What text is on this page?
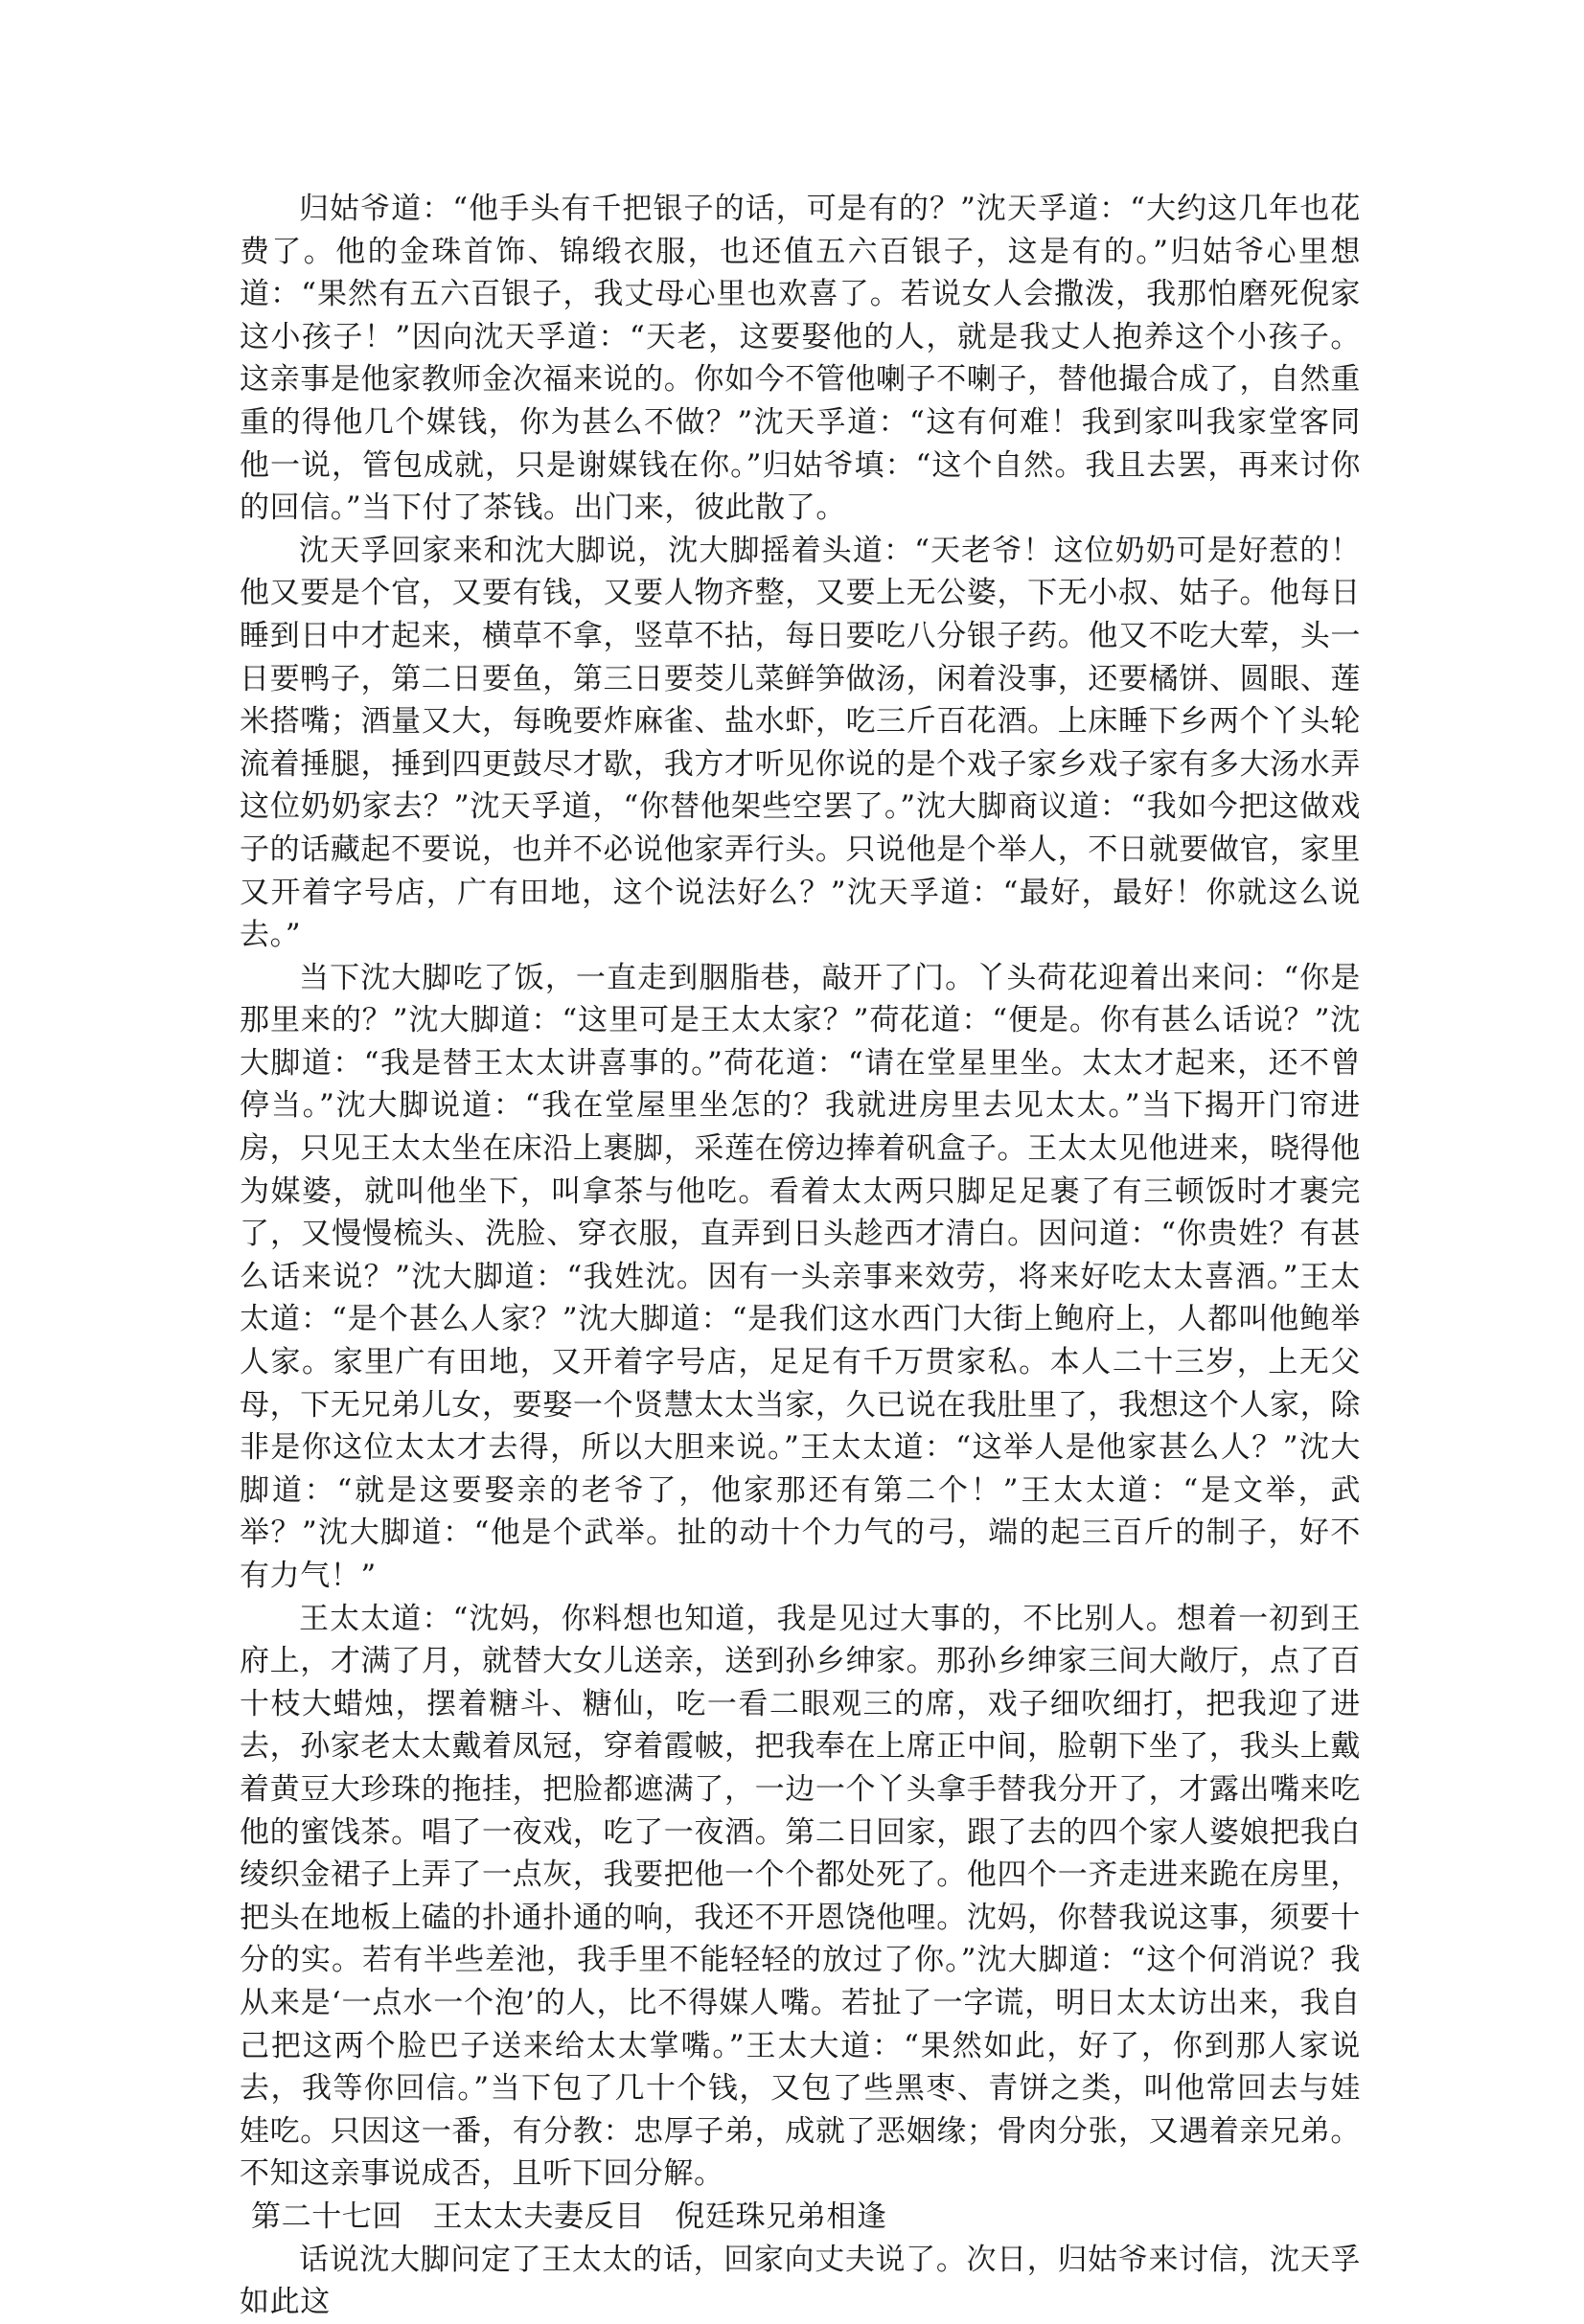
归姑爷道：“他手头有千把银子的话，可是有的？”沈天孚道：“大约这几年也花费了。他的金珠首饰、锦缎衣服，也还值五六百银子，这是有的。”归姑爷心里想道：“果然有五六百银子，我丈母心里也欢喜了。若说女人会撒泼，我那怕磨死倪家这小孩子！”因向沈天孚道：“天老，这要娶他的人，就是我丈人抱养这个小孩子。这亲事是他家教师金次福来说的。你如今不管他喇子不喇子，替他撮合成了，自然重重的得他几个媒钱，你为甚么不做？”沈天孚道：“这有何难！我到家叫我家堂客同他一说，管包成就，只是谢媒钱在你。”归姑爷填：“这个自然。我且去罢，再来讨你的回信。”当下付了茶钱。出门来，彼此散了。

沈天孚回家来和沈大脚说，沈大脚摇着头道：“天老爷！这位奶奶可是好惹的！他又要是个官，又要有钱，又要人物齐整，又要上无公婆，下无小叔、姑子。他每日睡到日中才起来，横草不拿，竖草不拈，每日要吃八分银子药。他又不吃大荤，头一日要鸭子，第二日要鱼，第三日要茭儿菜鲜笋做汤，闲着没事，还要橘饼、圆眼、莲米搭嘴；酒量又大，每晚要炸麻雀、盐水虾，吃三斤百花酒。上床睡下乡两个丫头轮流着捶腿，捶到四更鼓尽才歇，我方才听见你说的是个戏子家乡戏子家有多大汤水弄这位奶奶家去？”沈天孚道，“你替他架些空罢了。”沈大脚商议道：“我如今把这做戏子的话藏起不要说，也并不必说他家弄行头。只说他是个举人，不日就要做官，家里又开着字号店，广有田地，这个说法好么？”沈天孚道：“最好，最好！你就这么说去。”

当下沈大脚吃了饭，一直走到胭脂巷，敲开了门。丫头荷花迎着出来问：“你是那里来的？”沈大脚道：“这里可是王太太家？”荷花道：“便是。你有甚么话说？”沈大脚道：“我是替王太太讲喜事的。”荷花道：“请在堂星里坐。太太才起来，还不曾停当。”沈大脚说道：“我在堂屋里坐怎的？我就进房里去见太太。”当下揭开门帘进房，只见王太太坐在床沿上裹脚，采莲在傍边捧着矾盒子。王太太见他进来，晓得他为媒婆，就叫他坐下，叫拿茶与他吃。看着太太两只脚足足裹了有三顿饭时才裹完了，又慢慢梳头、洗脸、穿衣服，直弄到日头趁西才清白。因问道：“你贵姓？有甚么话来说？”沈大脚道：“我姓沈。因有一头亲事来效劳，将来好吃太太喜酒。”王太太道：“是个甚么人家？”沈大脚道：“是我们这水西门大街上鲍府上，人都叫他鲍举人家。家里广有田地，又开着字号店，足足有千万贯家私。本人二十三岁，上无父母，下无兄弟儿女，要娶一个贤慧太太当家，久已说在我肚里了，我想这个人家，除非是你这位太太才去得，所以大胆来说。”王太太道：“这举人是他家甚么人？”沈大脚道：“就是这要娶亲的老爷了，他家那还有第二个！”王太太道：“是文举，武举？”沈大脚道：“他是个武举。扯的动十个力气的弓，端的起三百斤的制子，好不有力气！”

王太太道：“沈妈，你料想也知道，我是见过大事的，不比别人。想着一初到王府上，才满了月，就替大女儿送亲，送到孙乡绅家。那孙乡绅家三间大敞厅，点了百十枝大蜡烛，摆着糖斗、糖仙，吃一看二眼观三的席，戏子细吹细打，把我迎了进去，孙家老太太戴着凤冠，穿着霞帔，把我奉在上席正中间，脸朝下坐了，我头上戴着黄豆大珍珠的拖挂，把脸都遮满了，一边一个丫头拿手替我分开了，才露出嘴来吃他的蜜饯茶。唱了一夜戏，吃了一夜酒。第二日回家，跟了去的四个家人婆娘把我白绫织金裙子上弄了一点灰，我要把他一个个都处死了。他四个一齐走进来跪在房里，把头在地板上磕的扑通扑通的响，我还不开恩饶他哩。沈妈，你替我说这事，须要十分的实。若有半些差池，我手里不能轻轻的放过了你。”沈大脚道：“这个何消说？我从来是‘一点水一个泡’的人，比不得媒人嘴。若扯了一字谎，明日太太访出来，我自己把这两个脸巴子送来给太太掌嘴。”王太大道：“果然如此，好了，你到那人家说去，我等你回信。”当下包了几十个钱，又包了些黑枣、青饼之类，叫他常回去与娃娃吃。只因这一番，有分教：忠厚子弟，成就了恶姻缘；骨肉分张，又遇着亲兄弟。不知这亲事说成否，且听下回分解。

第二十七回　王太太夫妻反目　倪廷珠兄弟相逢

话说沈大脚问定了王太太的话，回家向丈夫说了。次日，归姑爷来讨信，沈天孚如此这
